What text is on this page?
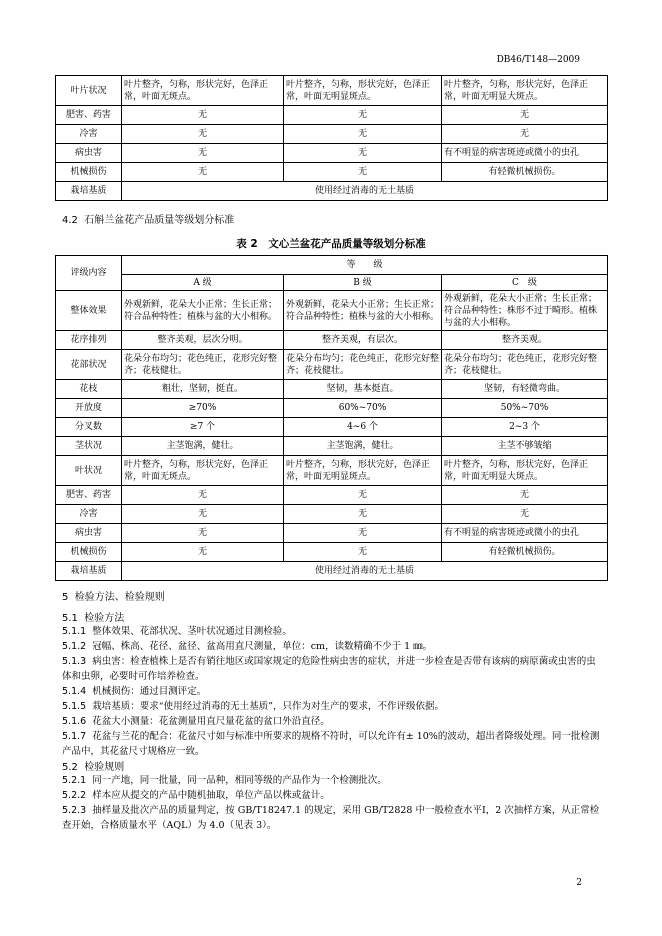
DB46/T148—2009
叶片状况	叶片整齐，匀称，形状完好，色泽正常，叶面无斑点。	叶片整齐，匀称，形状完好，色泽正常，叶面无明显斑点。	叶片整齐，匀称，形状完好，色泽正常，叶面无明显大斑点。
肥害、药害	无	无	无
冷害	无	无	无
病虫害	无	无	有不明显的病害斑迹或微小的虫孔
机械损伤	无	无	有轻微机械损伤。
栽培基质	使用经过消毒的无土基质		
4.2 石斛兰盆花产品质量等级划分标准
表 2　文心兰盆花产品质量等级划分标准
评级内容	等　　级		
	A 级	B 级	C　级
整体效果	外观新鲜，花朵大小正常；生长正常；符合品种特性；植株与盆的大小相称。	外观新鲜，花朵大小正常；生长正常；符合品种特性；植株与盆的大小相称。	外观新鲜，花朵大小正常；生长正常；符合品种特性；株形不过于畸形。植株与盆的大小相称。
花序排列	整齐美观，层次分明。	整齐美观，有层次。	整齐美观。
花部状况	花朵分布均匀；花色纯正，花形完好整齐；花枝健壮。	花朵分布均匀；花色纯正，花形完好整齐；花枝健壮。	花朵分布均匀；花色纯正，花形完好整齐；花枝健壮。
花枝	粗壮，坚韧，挺直。	坚韧，基本挺直。	坚韧，有轻微弯曲。
开放度	≥70%	60%~70%	50%~70%
分叉数	≥7 个	4~6 个	2~3 个
茎状况	主茎饱满，健壮。	主茎饱满，健壮。	主茎不够皱缩
叶状况	叶片整齐，匀称，形状完好，色泽正常，叶面无斑点。	叶片整齐，匀称，形状完好，色泽正常，叶面无明显斑点。	叶片整齐，匀称，形状完好，色泽正常，叶面无明显大斑点。
肥害、药害	无	无	无
冷害	无	无	无
病虫害	无	无	有不明显的病害斑迹或微小的虫孔
机械损伤	无	无	有轻微机械损伤。
栽培基质	使用经过消毒的无土基质		
5 检验方法、检验规则
5.1 检验方法
5.1.1 整体效果、花部状况、茎叶状况通过目测检验。
5.1.2 冠幅、株高、花径、盆径、盆高用直尺测量，单位：cm，读数精确不少于 1 ㎜。
5.1.3 病虫害：检查植株上是否有销往地区或国家规定的危险性病虫害的症状，并进一步检查是否带有该病的病原菌或虫害的虫体和虫卵，必要时可作培养检查。
5.1.4 机械损伤：通过目测评定。
5.1.5 栽培基质：要求“使用经过消毒的无土基质”，只作为对生产的要求，不作评级依据。
5.1.6 花盆大小测量：花盆测量用直尺量花盆的盆口外沿直径。
5.1.7 花盆与兰花的配合：花盆尺寸如与标准中所要求的规格不符时，可以允许有± 10%的波动，超出者降级处理。同一批检测产品中，其花盆尺寸规格应一致。
5.2 检验规则
5.2.1 同一产地，同一批量，同一品种，相同等级的产品作为一个检测批次。
5.2.2 样本应从提交的产品中随机抽取，单位产品以株或盆计。
5.2.3 抽样量及批次产品的质量判定，按 GB/T18247.1 的规定，采用 GB/T2828 中一般检查水平Ⅰ，2 次抽样方案，从正常检查开始，合格质量水平（AQL）为 4.0（见表 3）。
2
